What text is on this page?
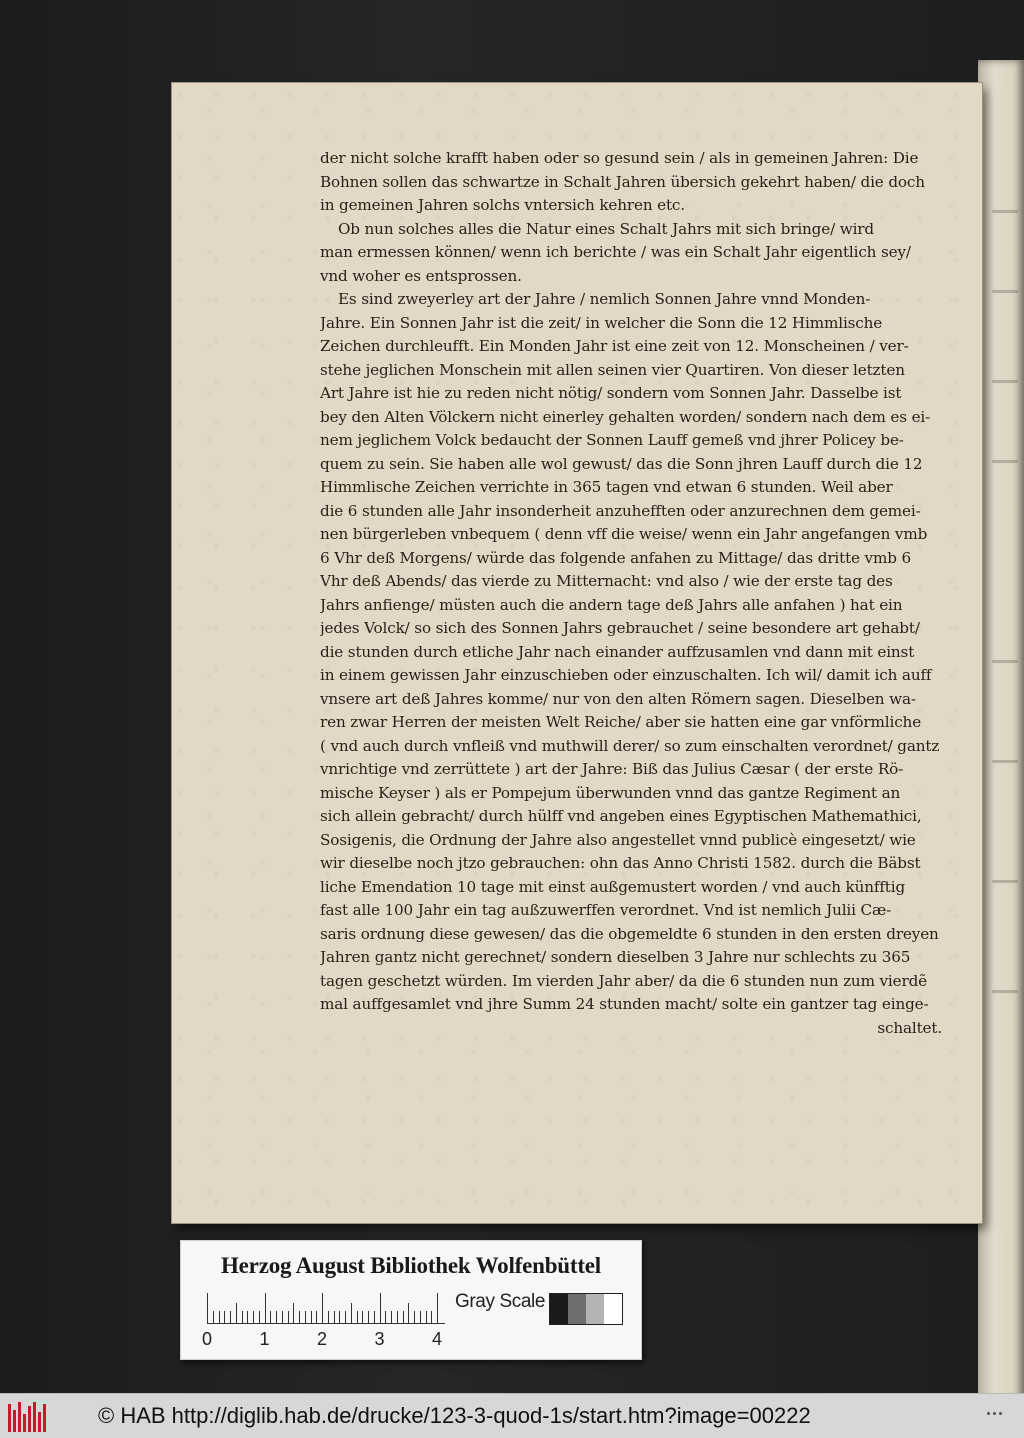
der nicht solche krafft haben oder so gesund sein / als in gemeinen Jahren: Die
Bohnen sollen das schwartze in Schalt Jahren übersich gekehrt haben/ die doch
in gemeinen Jahren solchs vntersich kehren etc.
Ob nun solches alles die Natur eines Schalt Jahrs mit sich bringe/ wird
man ermessen können/ wenn ich berichte / was ein Schalt Jahr eigentlich sey/
vnd woher es entsprossen.
Es sind zweyerley art der Jahre / nemlich Sonnen Jahre vnnd Monden-
Jahre. Ein Sonnen Jahr ist die zeit/ in welcher die Sonn die 12 Himmlische
Zeichen durchleufft. Ein Monden Jahr ist eine zeit von 12. Monscheinen / ver-
stehe jeglichen Monschein mit allen seinen vier Quartiren. Von dieser letzten
Art Jahre ist hie zu reden nicht nötig/ sondern vom Sonnen Jahr. Dasselbe ist
bey den Alten Völckern nicht einerley gehalten worden/ sondern nach dem es ei-
nem jeglichem Volck bedaucht der Sonnen Lauff gemeß vnd jhrer Policey be-
quem zu sein. Sie haben alle wol gewust/ das die Sonn jhren Lauff durch die 12
Himmlische Zeichen verrichte in 365 tagen vnd etwan 6 stunden. Weil aber
die 6 stunden alle Jahr insonderheit anzuhefften oder anzurechnen dem gemei-
nen bürgerleben vnbequem ( denn vff die weise/ wenn ein Jahr angefangen vmb
6 Vhr deß Morgens/ würde das folgende anfahen zu Mittage/ das dritte vmb 6
Vhr deß Abends/ das vierde zu Mitternacht: vnd also / wie der erste tag des
Jahrs anfienge/ müsten auch die andern tage deß Jahrs alle anfahen ) hat ein
jedes Volck/ so sich des Sonnen Jahrs gebrauchet / seine besondere art gehabt/
die stunden durch etliche Jahr nach einander auffzusamlen vnd dann mit einst
in einem gewissen Jahr einzuschieben oder einzuschalten. Ich wil/ damit ich auff
vnsere art deß Jahres komme/ nur von den alten Römern sagen. Dieselben wa-
ren zwar Herren der meisten Welt Reiche/ aber sie hatten eine gar vnförmliche
( vnd auch durch vnfleiß vnd muthwill derer/ so zum einschalten verordnet/ gantz
vnrichtige vnd zerrüttete ) art der Jahre: Biß das Julius Cæsar ( der erste Rö-
mische Keyser ) als er Pompejum überwunden vnnd das gantze Regiment an
sich allein gebracht/ durch hülff vnd angeben eines Egyptischen Mathemathici,
Sosigenis, die Ordnung der Jahre also angestellet vnnd publicè eingesetzt/ wie
wir dieselbe noch jtzo gebrauchen: ohn das Anno Christi 1582. durch die Bäbst
liche Emendation 10 tage mit einst außgemustert worden / vnd auch künfftig
fast alle 100 Jahr ein tag außzuwerffen verordnet. Vnd ist nemlich Julii Cæ-
saris ordnung diese gewesen/ das die obgemeldte 6 stunden in den ersten dreyen
Jahren gantz nicht gerechnet/ sondern dieselben 3 Jahre nur schlechts zu 365
tagen geschetzt würden. Im vierden Jahr aber/ da die 6 stunden nun zum vierdẽ
mal auffgesamlet vnd jhre Summ 24 stunden macht/ solte ein gantzer tag einge-
schaltet.
Herzog August Bibliothek Wolfenbüttel
0	1	2	3	4
Gray Scale
© HAB http://diglib.hab.de/drucke/123-3-quod-1s/start.htm?image=00222
